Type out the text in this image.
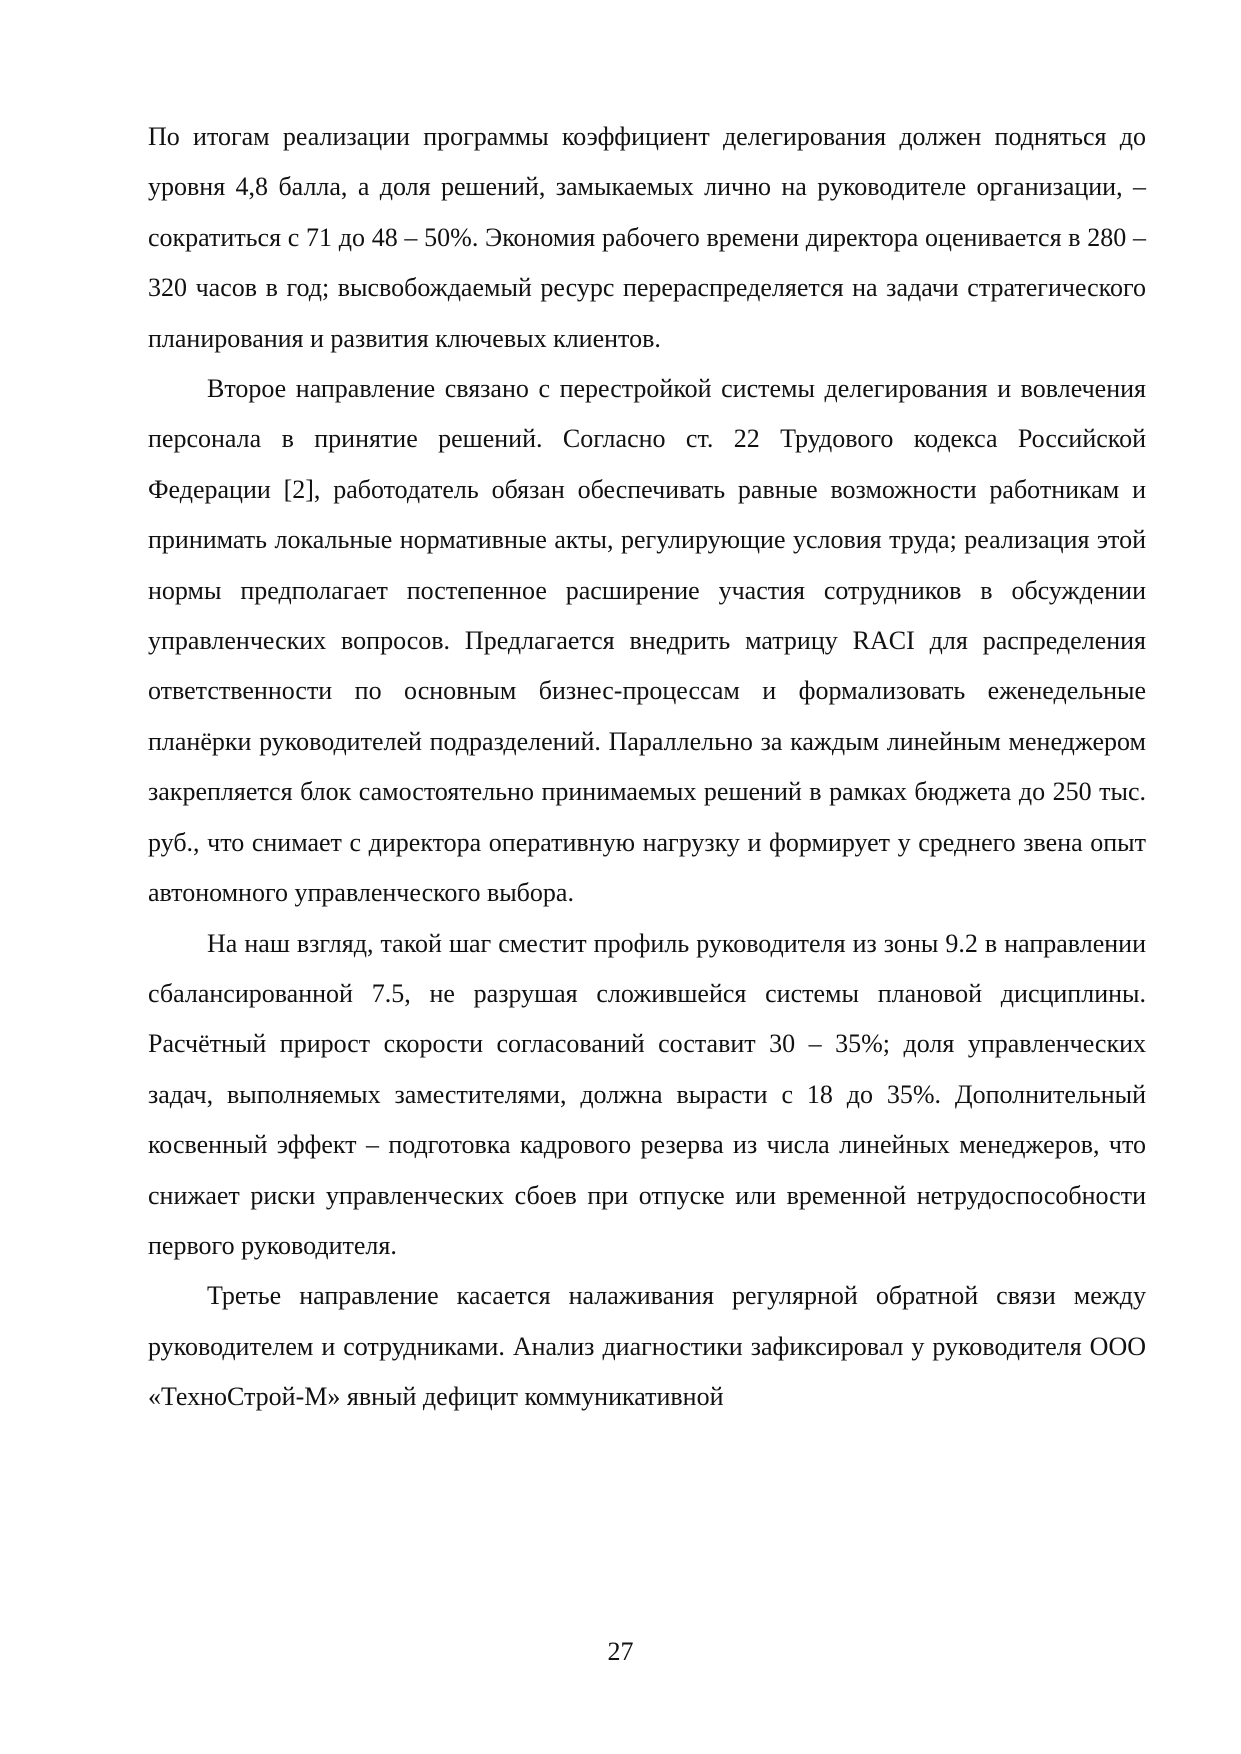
По итогам реализации программы коэффициент делегирования должен подняться до уровня 4,8 балла, а доля решений, замыкаемых лично на руководителе организации, – сократиться с 71 до 48 – 50%. Экономия рабочего времени директора оценивается в 280 – 320 часов в год; высвобождаемый ресурс перераспределяется на задачи стратегического планирования и развития ключевых клиентов.

Второе направление связано с перестройкой системы делегирования и вовлечения персонала в принятие решений. Согласно ст. 22 Трудового кодекса Российской Федерации [2], работодатель обязан обеспечивать равные возможности работникам и принимать локальные нормативные акты, регулирующие условия труда; реализация этой нормы предполагает постепенное расширение участия сотрудников в обсуждении управленческих вопросов. Предлагается внедрить матрицу RACI для распределения ответственности по основным бизнес-процессам и формализовать еженедельные планёрки руководителей подразделений. Параллельно за каждым линейным менеджером закрепляется блок самостоятельно принимаемых решений в рамках бюджета до 250 тыс. руб., что снимает с директора оперативную нагрузку и формирует у среднего звена опыт автономного управленческого выбора.

На наш взгляд, такой шаг сместит профиль руководителя из зоны 9.2 в направлении сбалансированной 7.5, не разрушая сложившейся системы плановой дисциплины. Расчётный прирост скорости согласований составит 30 – 35%; доля управленческих задач, выполняемых заместителями, должна вырасти с 18 до 35%. Дополнительный косвенный эффект – подготовка кадрового резерва из числа линейных менеджеров, что снижает риски управленческих сбоев при отпуске или временной нетрудоспособности первого руководителя.

Третье направление касается налаживания регулярной обратной связи между руководителем и сотрудниками. Анализ диагностики зафиксировал у руководителя ООО «ТехноСтрой-М» явный дефицит коммуникативной

27
